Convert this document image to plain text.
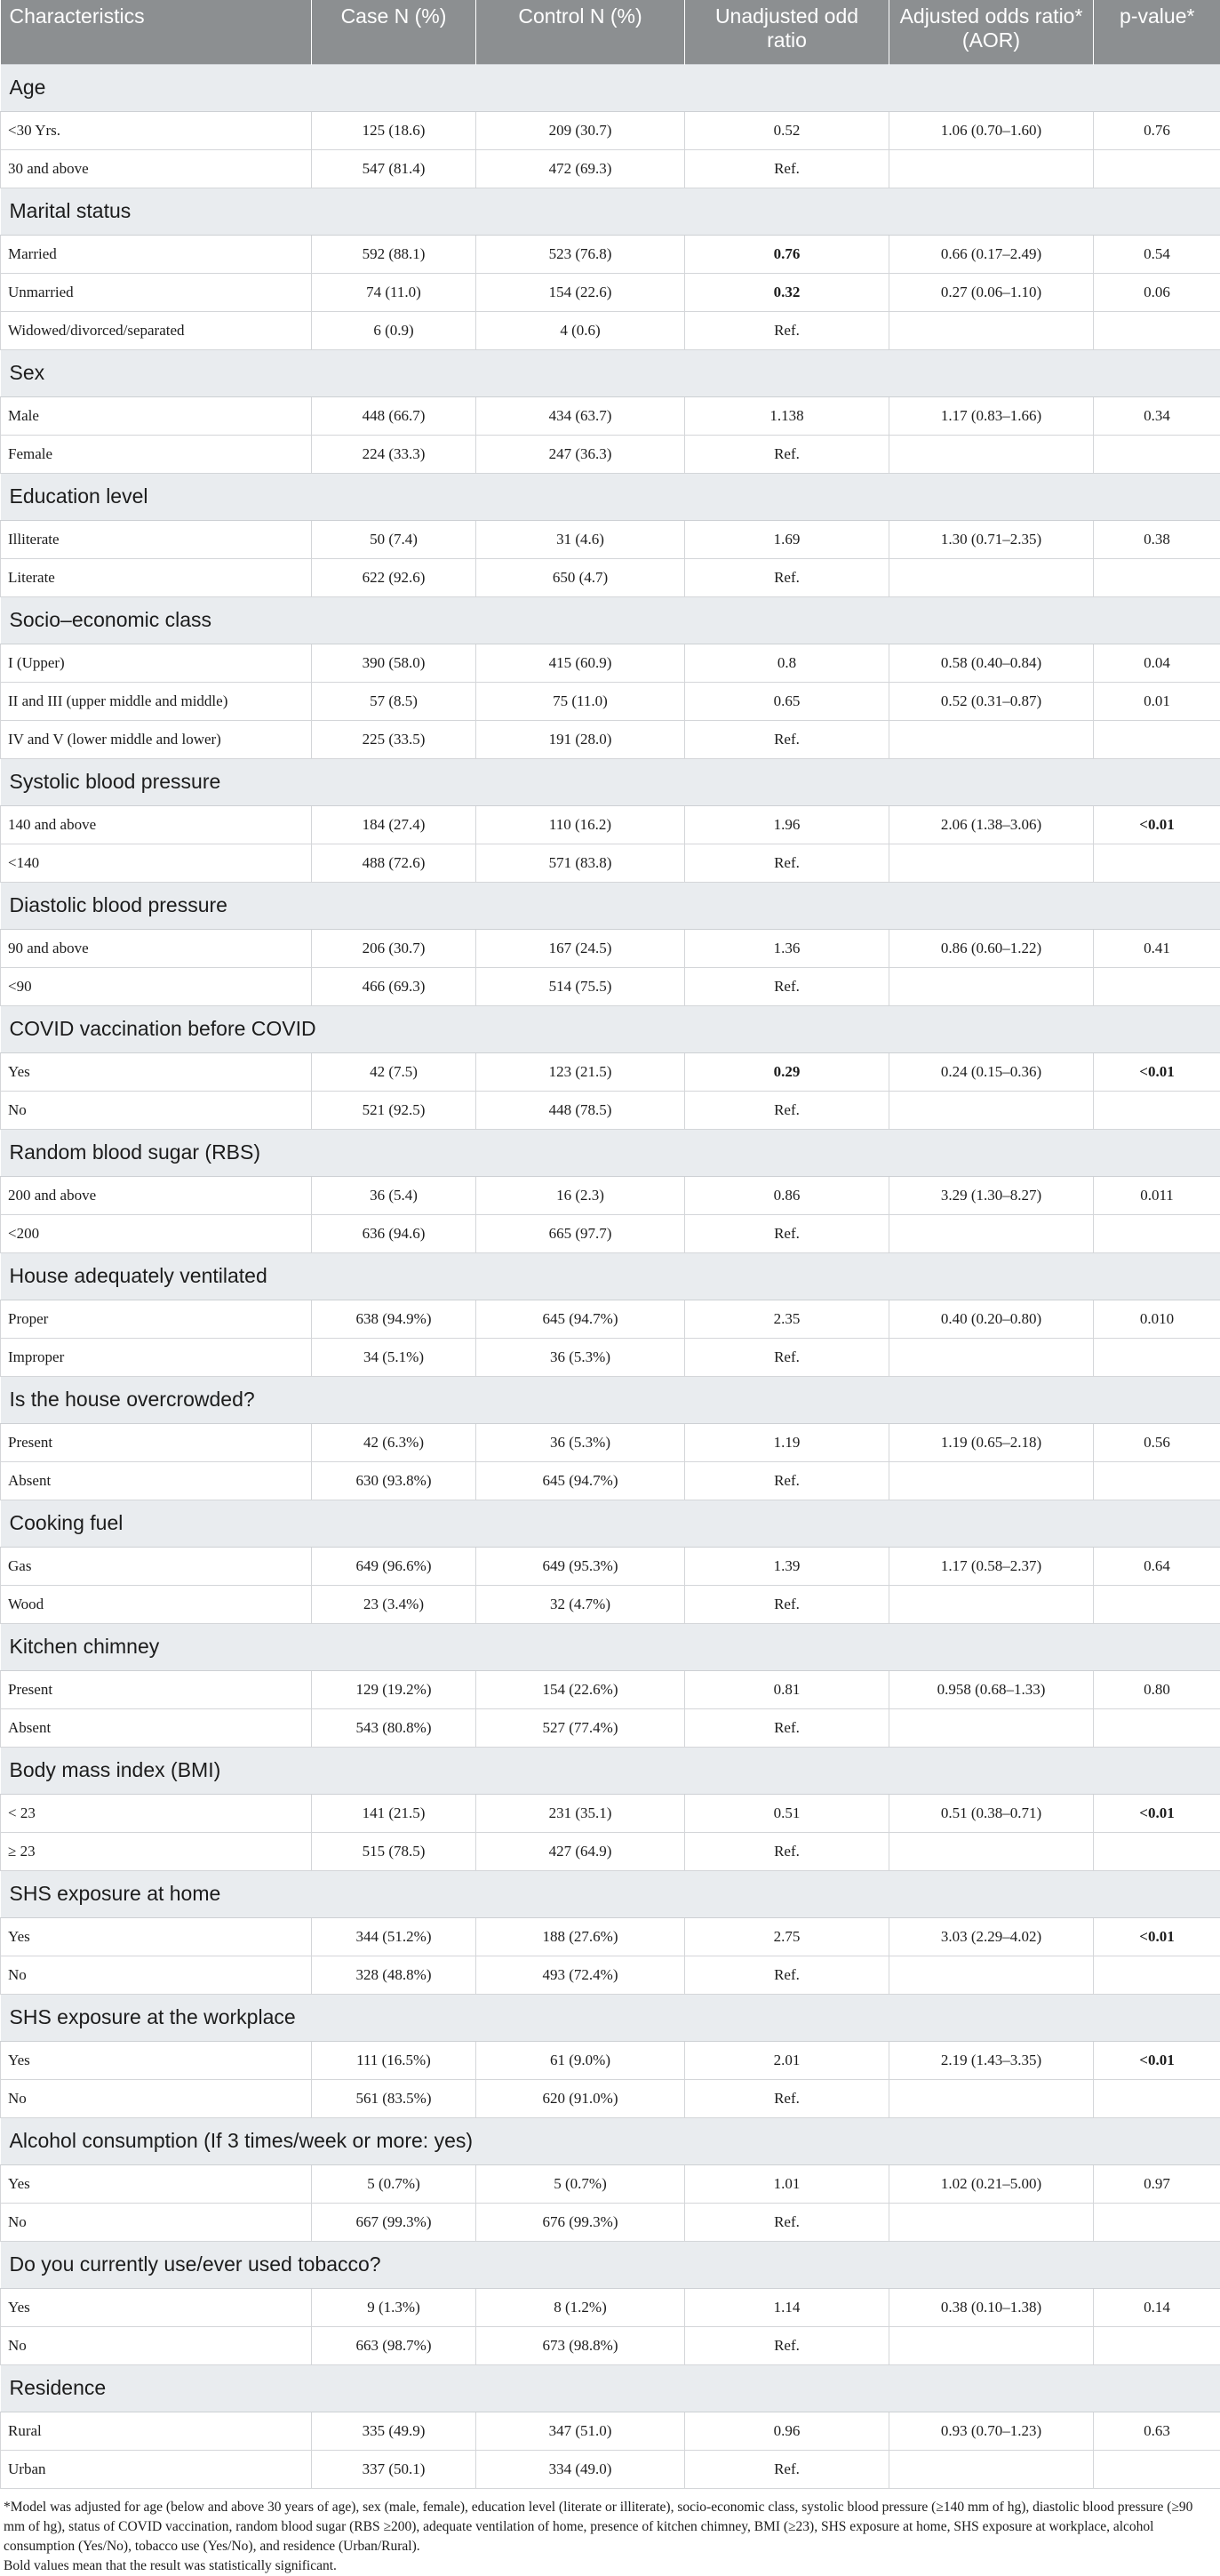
Characteristics	Case N (%)	Control N (%)	Unadjusted odd ratio	Adjusted odds ratio* (AOR)	p-value*
Age					
<30 Yrs.	125 (18.6)	209 (30.7)	0.52	1.06 (0.70–1.60)	0.76
30 and above	547 (81.4)	472 (69.3)	Ref.		
Marital status					
Married	592 (88.1)	523 (76.8)	0.76	0.66 (0.17–2.49)	0.54
Unmarried	74 (11.0)	154 (22.6)	0.32	0.27 (0.06–1.10)	0.06
Widowed/divorced/separated	6 (0.9)	4 (0.6)	Ref.		
Sex					
Male	448 (66.7)	434 (63.7)	1.138	1.17 (0.83–1.66)	0.34
Female	224 (33.3)	247 (36.3)	Ref.		
Education level					
Illiterate	50 (7.4)	31 (4.6)	1.69	1.30 (0.71–2.35)	0.38
Literate	622 (92.6)	650 (4.7)	Ref.		
Socio–economic class					
I (Upper)	390 (58.0)	415 (60.9)	0.8	0.58 (0.40–0.84)	0.04
II and III (upper middle and middle)	57 (8.5)	75 (11.0)	0.65	0.52 (0.31–0.87)	0.01
IV and V (lower middle and lower)	225 (33.5)	191 (28.0)	Ref.		
Systolic blood pressure					
140 and above	184 (27.4)	110 (16.2)	1.96	2.06 (1.38–3.06)	<0.01
<140	488 (72.6)	571 (83.8)	Ref.		
Diastolic blood pressure					
90 and above	206 (30.7)	167 (24.5)	1.36	0.86 (0.60–1.22)	0.41
<90	466 (69.3)	514 (75.5)	Ref.		
COVID vaccination before COVID					
Yes	42 (7.5)	123 (21.5)	0.29	0.24 (0.15–0.36)	<0.01
No	521 (92.5)	448 (78.5)	Ref.		
Random blood sugar (RBS)					
200 and above	36 (5.4)	16 (2.3)	0.86	3.29 (1.30–8.27)	0.011
<200	636 (94.6)	665 (97.7)	Ref.		
House adequately ventilated					
Proper	638 (94.9%)	645 (94.7%)	2.35	0.40 (0.20–0.80)	0.010
Improper	34 (5.1%)	36 (5.3%)	Ref.		
Is the house overcrowded?					
Present	42 (6.3%)	36 (5.3%)	1.19	1.19 (0.65–2.18)	0.56
Absent	630 (93.8%)	645 (94.7%)	Ref.		
Cooking fuel					
Gas	649 (96.6%)	649 (95.3%)	1.39	1.17 (0.58–2.37)	0.64
Wood	23 (3.4%)	32 (4.7%)	Ref.		
Kitchen chimney					
Present	129 (19.2%)	154 (22.6%)	0.81	0.958 (0.68–1.33)	0.80
Absent	543 (80.8%)	527 (77.4%)	Ref.		
Body mass index (BMI)					
< 23	141 (21.5)	231 (35.1)	0.51	0.51 (0.38–0.71)	<0.01
≥ 23	515 (78.5)	427 (64.9)	Ref.		
SHS exposure at home					
Yes	344 (51.2%)	188 (27.6%)	2.75	3.03 (2.29–4.02)	<0.01
No	328 (48.8%)	493 (72.4%)	Ref.		
SHS exposure at the workplace					
Yes	111 (16.5%)	61 (9.0%)	2.01	2.19 (1.43–3.35)	<0.01
No	561 (83.5%)	620 (91.0%)	Ref.		
Alcohol consumption (If 3 times/week or more: yes)					
Yes	5 (0.7%)	5 (0.7%)	1.01	1.02 (0.21–5.00)	0.97
No	667 (99.3%)	676 (99.3%)	Ref.		
Do you currently use/ever used tobacco?					
Yes	9 (1.3%)	8 (1.2%)	1.14	0.38 (0.10–1.38)	0.14
No	663 (98.7%)	673 (98.8%)	Ref.		
Residence					
Rural	335 (49.9)	347 (51.0)	0.96	0.93 (0.70–1.23)	0.63
Urban	337 (50.1)	334 (49.0)	Ref.		

*Model was adjusted for age (below and above 30 years of age), sex (male, female), education level (literate or illiterate), socio-economic class, systolic blood pressure (≥140 mm of hg), diastolic blood pressure (≥90 mm of hg), status of COVID vaccination, random blood sugar (RBS ≥200), adequate ventilation of home, presence of kitchen chimney, BMI (≥23), SHS exposure at home, SHS exposure at workplace, alcohol consumption (Yes/No), tobacco use (Yes/No), and residence (Urban/Rural).

Bold values mean that the result was statistically significant.
